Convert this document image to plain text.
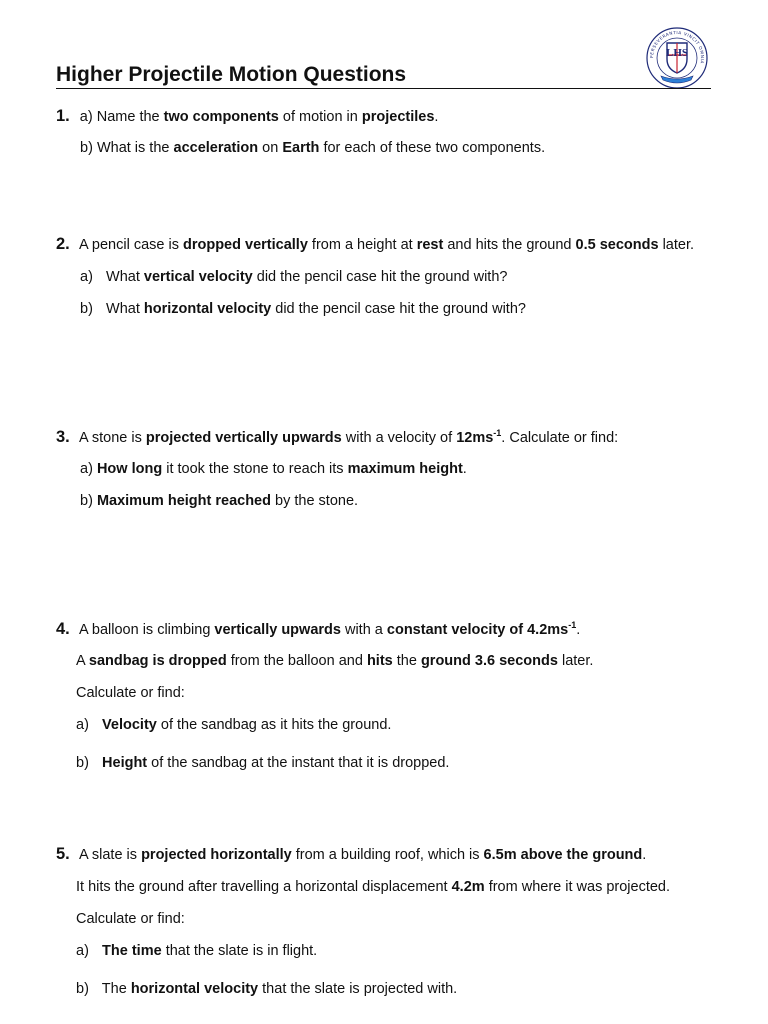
PERSEVERANTIA VINCIT OMNIA
LHS
Higher Projectile Motion Questions

1. a) Name the two components of motion in projectiles.

b) What is the acceleration on Earth for each of these two components.

2. A pencil case is dropped vertically from a height at rest and hits the ground 0.5 seconds later.

a) What vertical velocity did the pencil case hit the ground with?

b) What horizontal velocity did the pencil case hit the ground with?

3. A stone is projected vertically upwards with a velocity of $12ms^{-1}$. Calculate or find:

a) How long it took the stone to reach its maximum height.

b) Maximum height reached by the stone.

4. A balloon is climbing vertically upwards with a constant velocity of $4.2ms^{-1}$.

A sandbag is dropped from the balloon and hits the ground 3.6 seconds later.

Calculate or find:

a) Velocity of the sandbag as it hits the ground.

b) Height of the sandbag at the instant that it is dropped.

5. A slate is projected horizontally from a building roof, which is 6.5m above the ground.

It hits the ground after travelling a horizontal displacement 4.2m from where it was projected.

Calculate or find:

a) The time that the slate is in flight.

b) The horizontal velocity that the slate is projected with.
